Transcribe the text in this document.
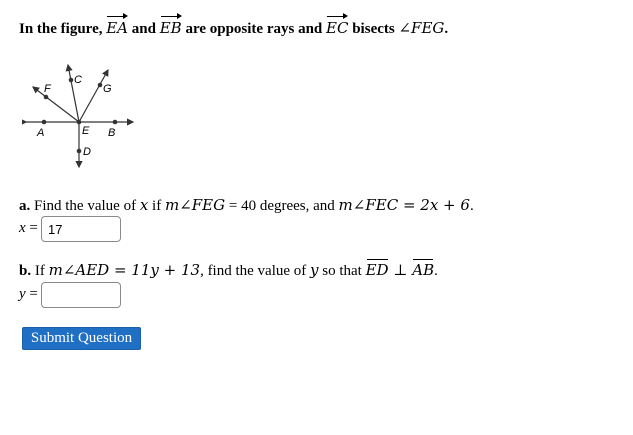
In the figure, EA and EB are opposite rays and EC bisects ∠FEG.
F
C
G
A	E B
D
a. Find the value of x if m∠FEG = 40 degrees, and m∠FEC = 2x + 6.
x =
17
b. If m∠AED = 11y + 13, find the value of y so that ED ⊥ AB.
y =
Submit Question
